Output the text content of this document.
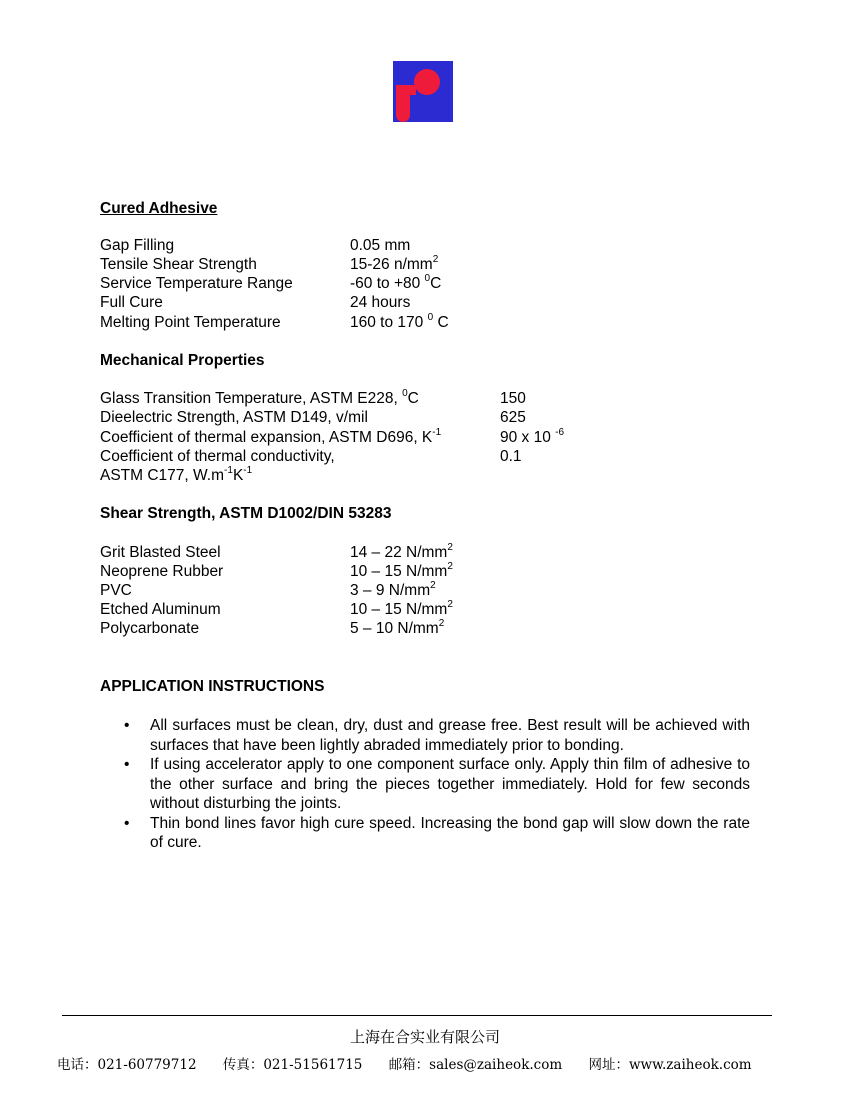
Cured Adhesive
Gap Filling	0.05 mm
Tensile Shear Strength	15-26 $n/mm^2$
Service Temperature Range	-60 to +80 $^0$C
Full Cure	24 hours
Melting Point Temperature	160 to 170 $^0$ C
Mechanical Properties
Glass Transition Temperature, ASTM E228, $^0$C	150
Dieelectric Strength, ASTM D149, v/mil	625
Coefficient of thermal expansion, ASTM D696, $K^{-1}$	90 x 10 $^{-6}$
Coefficient of thermal conductivity,	0.1
ASTM C177, $W.m^{-1}K^{-1}$
Shear Strength, ASTM D1002/DIN 53283
Grit Blasted Steel	14 – 22 $N/mm^2$
Neoprene Rubber	10 – 15 $N/mm^2$
PVC	3 – 9 $N/mm^2$
Etched Aluminum	10 – 15 $N/mm^2$
Polycarbonate	5 – 10 $N/mm^2$
APPLICATION INSTRUCTIONS
• All surfaces must be clean, dry, dust and grease free. Best result will be achieved with surfaces that have been lightly abraded immediately prior to bonding.
• If using accelerator apply to one component surface only. Apply thin film of adhesive to the other surface and bring the pieces together immediately. Hold for few seconds without disturbing the joints.
• Thin bond lines favor high cure speed. Increasing the bond gap will slow down the rate of cure.
上海在合实业有限公司
电话：021-60779712 传真：021-51561715 邮箱：sales@zaiheok.com 网址：www.zaiheok.com
